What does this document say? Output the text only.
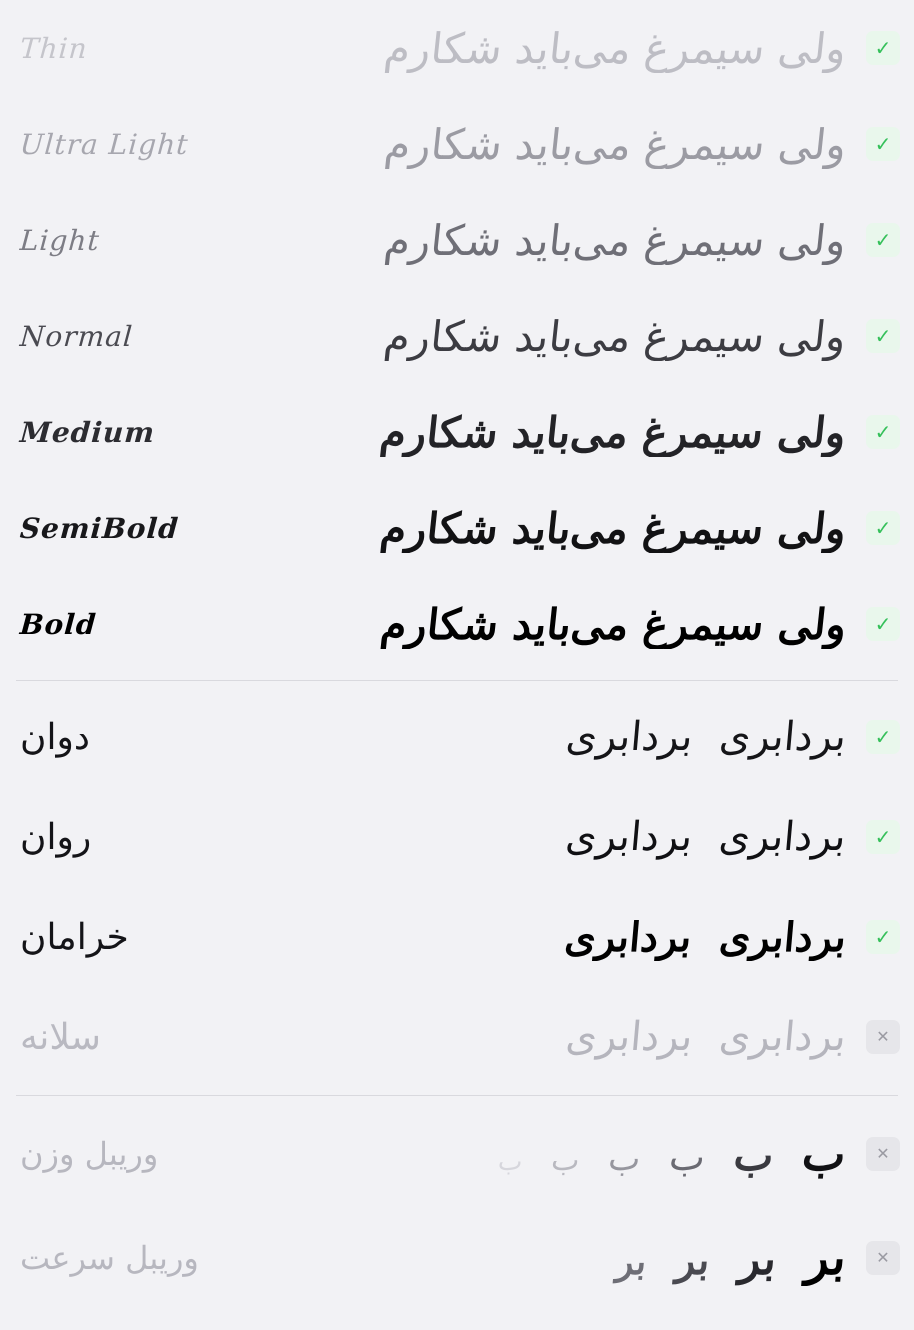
✓
ولی سیمرغ می‌باید شکارم
Thin
✓
ولی سیمرغ می‌باید شکارم
Ultra Light
✓
ولی سیمرغ می‌باید شکارم
Light
✓
ولی سیمرغ می‌باید شکارم
Normal
✓
ولی سیمرغ می‌باید شکارم
Medium
✓
ولی سیمرغ می‌باید شکارم
SemiBold
✓
ولی سیمرغ می‌باید شکارم
Bold
✓
بردابری بردابری
دوان
✓
بردابری بردابری
روان
✓
بردابری بردابری
خرامان
✕
بردابری بردابری
سلانه
✕
ب ب ب ب ب ب
وریبل وزن
✕
بر بر بر بر
وریبل سرعت
